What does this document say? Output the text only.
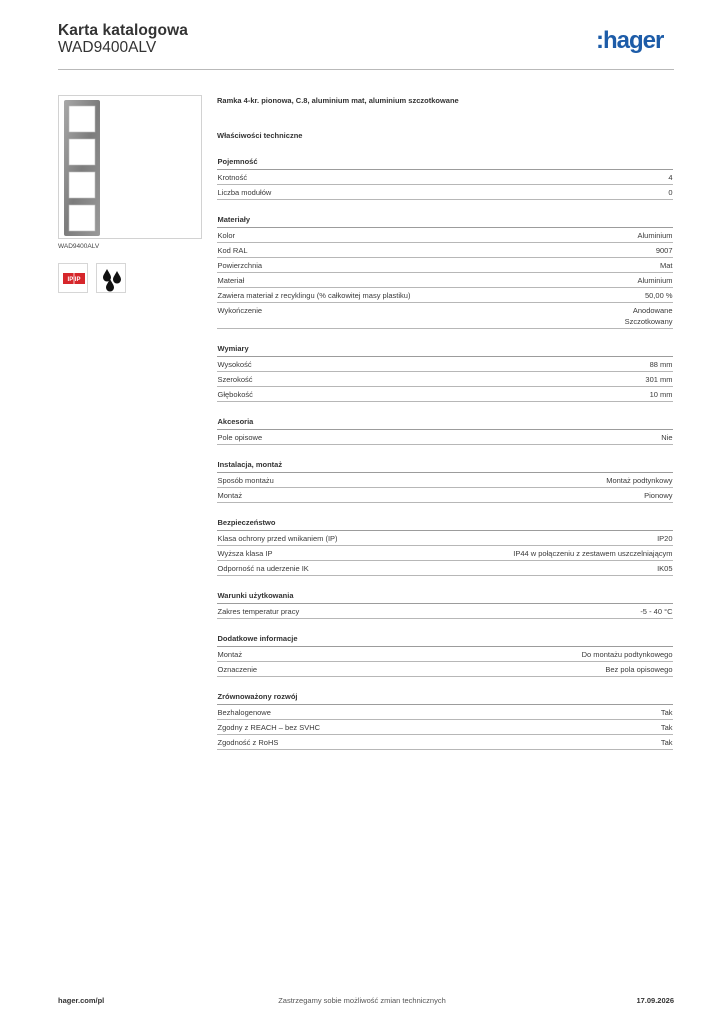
Karta katalogowa
WAD9400ALV	:hager
WAD9400ALV
IP IP
Ramka 4-kr. pionowa, C.8, aluminium mat, aluminium szczotkowane
Właściwości techniczne
Pojemność
Krotność	4
Liczba modułów	0
Materiały
Kolor	Aluminium
Kod RAL	9007
Powierzchnia	Mat
Materiał	Aluminium
Zawiera materiał z recyklingu (% całkowitej masy plastiku)	50,00 %
Wykończenie	Anodowane
Szczotkowany
Wymiary
Wysokość	88 mm
Szerokość	301 mm
Głębokość	10 mm
Akcesoria
Pole opisowe	Nie
Instalacja, montaż
Sposób montażu	Montaż podtynkowy
Montaż	Pionowy
Bezpieczeństwo
Klasa ochrony przed wnikaniem (IP)	IP20
Wyższa klasa IP	IP44 w połączeniu z zestawem uszczelniającym
Odporność na uderzenie IK	IK05
Warunki użytkowania
Zakres temperatur pracy	-5 - 40 °C
Dodatkowe informacje
Montaż	Do montażu podtynkowego
Oznaczenie	Bez pola opisowego
Zrównoważony rozwój
Bezhalogenowe	Tak
Zgodny z REACH – bez SVHC	Tak
Zgodność z RoHS	Tak
hager.com/pl	Zastrzegamy sobie możliwość zmian technicznych	17.09.2026
